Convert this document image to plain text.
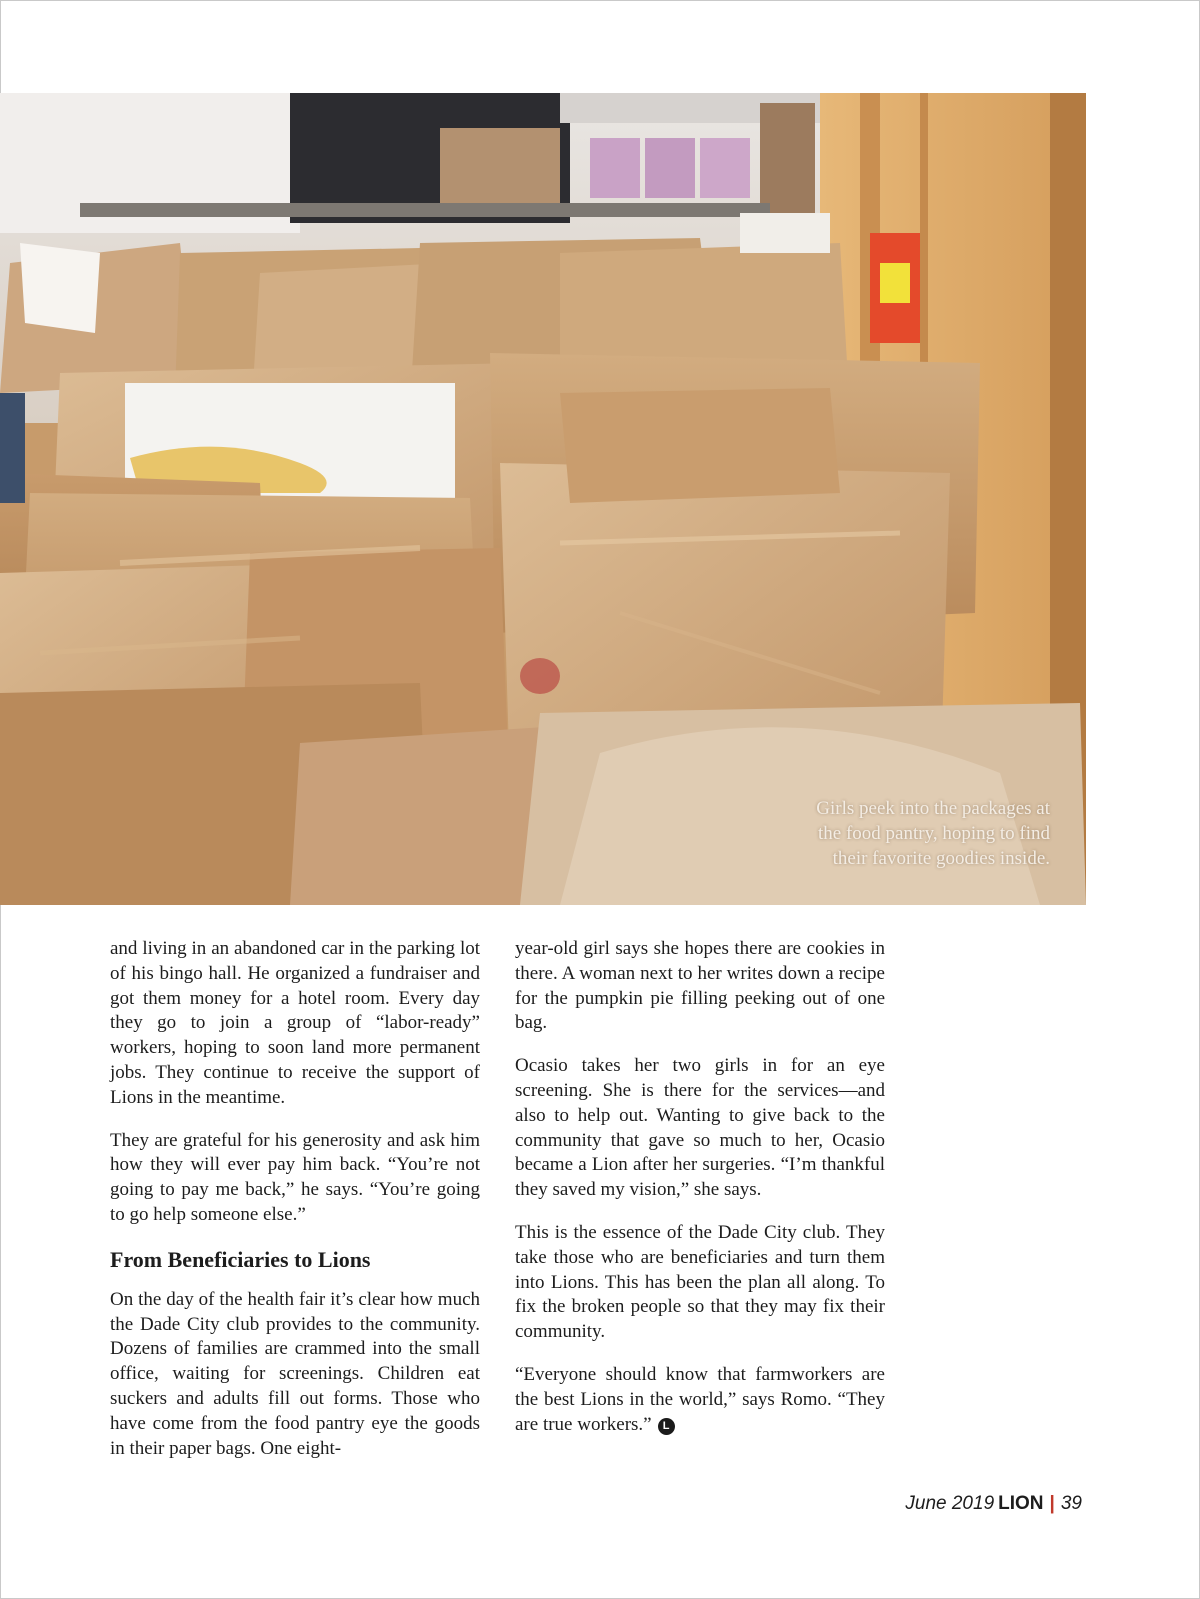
Girls peek into the packages at
the food pantry, hoping to find
their favorite goodies inside.

and living in an abandoned car in the parking lot of his bingo hall. He organized a fundraiser and got them money for a hotel room. Every day they go to join a group of “labor-ready” workers, hoping to soon land more permanent jobs. They continue to receive the support of Lions in the meantime.

They are grateful for his generosity and ask him how they will ever pay him back. “You’re not going to pay me back,” he says. “You’re going to go help someone else.”

From Beneficiaries to Lions

On the day of the health fair it’s clear how much the Dade City club provides to the community. Dozens of families are crammed into the small office, waiting for screenings. Children eat suckers and adults fill out forms. Those who have come from the food pantry eye the goods in their paper bags. One eight-

year-old girl says she hopes there are cookies in there. A woman next to her writes down a recipe for the pumpkin pie filling peeking out of one bag.

Ocasio takes her two girls in for an eye screening. She is there for the services—and also to help out. Wanting to give back to the community that gave so much to her, Ocasio became a Lion after her surgeries. “I’m thankful they saved my vision,” she says.

This is the essence of the Dade City club. They take those who are beneficiaries and turn them into Lions. This has been the plan all along. To fix the broken people so that they may fix their community.

“Everyone should know that farmworkers are the best Lions in the world,” says Romo. “They are true workers.” L

June 2019 LION | 39
